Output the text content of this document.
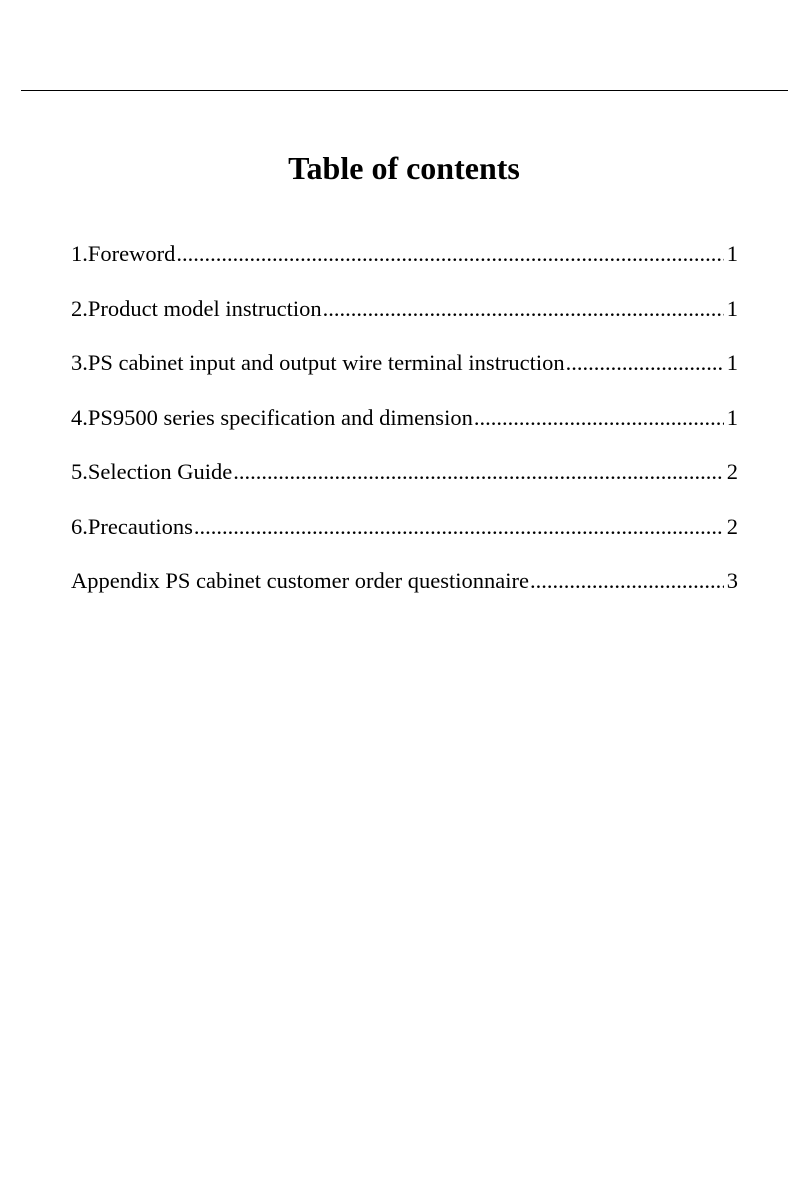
Table of contents
1.Foreword .....	1
2.Product model instruction .....	1
3.PS cabinet input and output wire terminal instruction .....	1
4.PS9500 series specification and dimension .....	1
5.Selection Guide .....	2
6.Precautions .....	2
Appendix PS cabinet customer order questionnaire .....	3
